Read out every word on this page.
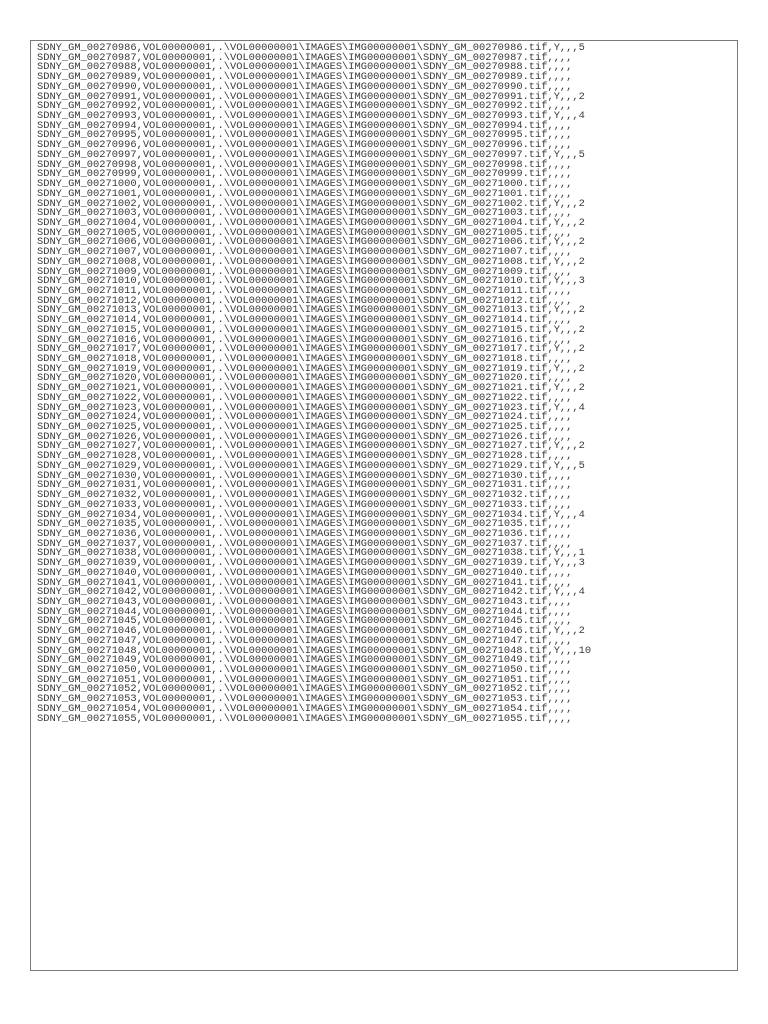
SDNY_GM_00270986,VOL00000001,.\VOL00000001\IMAGES\IMG00000001\SDNY_GM_00270986.tif,Y,,,5
SDNY_GM_00270987,VOL00000001,.\VOL00000001\IMAGES\IMG00000001\SDNY_GM_00270987.tif,,,,
SDNY_GM_00270988,VOL00000001,.\VOL00000001\IMAGES\IMG00000001\SDNY_GM_00270988.tif,,,,
SDNY_GM_00270989,VOL00000001,.\VOL00000001\IMAGES\IMG00000001\SDNY_GM_00270989.tif,,,,
SDNY_GM_00270990,VOL00000001,.\VOL00000001\IMAGES\IMG00000001\SDNY_GM_00270990.tif,,,,
SDNY_GM_00270991,VOL00000001,.\VOL00000001\IMAGES\IMG00000001\SDNY_GM_00270991.tif,Y,,,2
SDNY_GM_00270992,VOL00000001,.\VOL00000001\IMAGES\IMG00000001\SDNY_GM_00270992.tif,,,,
SDNY_GM_00270993,VOL00000001,.\VOL00000001\IMAGES\IMG00000001\SDNY_GM_00270993.tif,Y,,,4
SDNY_GM_00270994,VOL00000001,.\VOL00000001\IMAGES\IMG00000001\SDNY_GM_00270994.tif,,,,
SDNY_GM_00270995,VOL00000001,.\VOL00000001\IMAGES\IMG00000001\SDNY_GM_00270995.tif,,,,
SDNY_GM_00270996,VOL00000001,.\VOL00000001\IMAGES\IMG00000001\SDNY_GM_00270996.tif,,,,
SDNY_GM_00270997,VOL00000001,.\VOL00000001\IMAGES\IMG00000001\SDNY_GM_00270997.tif,Y,,,5
SDNY_GM_00270998,VOL00000001,.\VOL00000001\IMAGES\IMG00000001\SDNY_GM_00270998.tif,,,,
SDNY_GM_00270999,VOL00000001,.\VOL00000001\IMAGES\IMG00000001\SDNY_GM_00270999.tif,,,,
SDNY_GM_00271000,VOL00000001,.\VOL00000001\IMAGES\IMG00000001\SDNY_GM_00271000.tif,,,,
SDNY_GM_00271001,VOL00000001,.\VOL00000001\IMAGES\IMG00000001\SDNY_GM_00271001.tif,,,,
SDNY_GM_00271002,VOL00000001,.\VOL00000001\IMAGES\IMG00000001\SDNY_GM_00271002.tif,Y,,,2
SDNY_GM_00271003,VOL00000001,.\VOL00000001\IMAGES\IMG00000001\SDNY_GM_00271003.tif,,,,
SDNY_GM_00271004,VOL00000001,.\VOL00000001\IMAGES\IMG00000001\SDNY_GM_00271004.tif,Y,,,2
SDNY_GM_00271005,VOL00000001,.\VOL00000001\IMAGES\IMG00000001\SDNY_GM_00271005.tif,,,,
SDNY_GM_00271006,VOL00000001,.\VOL00000001\IMAGES\IMG00000001\SDNY_GM_00271006.tif,Y,,,2
SDNY_GM_00271007,VOL00000001,.\VOL00000001\IMAGES\IMG00000001\SDNY_GM_00271007.tif,,,,
SDNY_GM_00271008,VOL00000001,.\VOL00000001\IMAGES\IMG00000001\SDNY_GM_00271008.tif,Y,,,2
SDNY_GM_00271009,VOL00000001,.\VOL00000001\IMAGES\IMG00000001\SDNY_GM_00271009.tif,,,,
SDNY_GM_00271010,VOL00000001,.\VOL00000001\IMAGES\IMG00000001\SDNY_GM_00271010.tif,Y,,,3
SDNY_GM_00271011,VOL00000001,.\VOL00000001\IMAGES\IMG00000001\SDNY_GM_00271011.tif,,,,
SDNY_GM_00271012,VOL00000001,.\VOL00000001\IMAGES\IMG00000001\SDNY_GM_00271012.tif,,,,
SDNY_GM_00271013,VOL00000001,.\VOL00000001\IMAGES\IMG00000001\SDNY_GM_00271013.tif,Y,,,2
SDNY_GM_00271014,VOL00000001,.\VOL00000001\IMAGES\IMG00000001\SDNY_GM_00271014.tif,,,,
SDNY_GM_00271015,VOL00000001,.\VOL00000001\IMAGES\IMG00000001\SDNY_GM_00271015.tif,Y,,,2
SDNY_GM_00271016,VOL00000001,.\VOL00000001\IMAGES\IMG00000001\SDNY_GM_00271016.tif,,,,
SDNY_GM_00271017,VOL00000001,.\VOL00000001\IMAGES\IMG00000001\SDNY_GM_00271017.tif,Y,,,2
SDNY_GM_00271018,VOL00000001,.\VOL00000001\IMAGES\IMG00000001\SDNY_GM_00271018.tif,,,,
SDNY_GM_00271019,VOL00000001,.\VOL00000001\IMAGES\IMG00000001\SDNY_GM_00271019.tif,Y,,,2
SDNY_GM_00271020,VOL00000001,.\VOL00000001\IMAGES\IMG00000001\SDNY_GM_00271020.tif,,,,
SDNY_GM_00271021,VOL00000001,.\VOL00000001\IMAGES\IMG00000001\SDNY_GM_00271021.tif,Y,,,2
SDNY_GM_00271022,VOL00000001,.\VOL00000001\IMAGES\IMG00000001\SDNY_GM_00271022.tif,,,,
SDNY_GM_00271023,VOL00000001,.\VOL00000001\IMAGES\IMG00000001\SDNY_GM_00271023.tif,Y,,,4
SDNY_GM_00271024,VOL00000001,.\VOL00000001\IMAGES\IMG00000001\SDNY_GM_00271024.tif,,,,
SDNY_GM_00271025,VOL00000001,.\VOL00000001\IMAGES\IMG00000001\SDNY_GM_00271025.tif,,,,
SDNY_GM_00271026,VOL00000001,.\VOL00000001\IMAGES\IMG00000001\SDNY_GM_00271026.tif,,,,
SDNY_GM_00271027,VOL00000001,.\VOL00000001\IMAGES\IMG00000001\SDNY_GM_00271027.tif,Y,,,2
SDNY_GM_00271028,VOL00000001,.\VOL00000001\IMAGES\IMG00000001\SDNY_GM_00271028.tif,,,,
SDNY_GM_00271029,VOL00000001,.\VOL00000001\IMAGES\IMG00000001\SDNY_GM_00271029.tif,Y,,,5
SDNY_GM_00271030,VOL00000001,.\VOL00000001\IMAGES\IMG00000001\SDNY_GM_00271030.tif,,,,
SDNY_GM_00271031,VOL00000001,.\VOL00000001\IMAGES\IMG00000001\SDNY_GM_00271031.tif,,,,
SDNY_GM_00271032,VOL00000001,.\VOL00000001\IMAGES\IMG00000001\SDNY_GM_00271032.tif,,,,
SDNY_GM_00271033,VOL00000001,.\VOL00000001\IMAGES\IMG00000001\SDNY_GM_00271033.tif,,,,
SDNY_GM_00271034,VOL00000001,.\VOL00000001\IMAGES\IMG00000001\SDNY_GM_00271034.tif,Y,,,4
SDNY_GM_00271035,VOL00000001,.\VOL00000001\IMAGES\IMG00000001\SDNY_GM_00271035.tif,,,,
SDNY_GM_00271036,VOL00000001,.\VOL00000001\IMAGES\IMG00000001\SDNY_GM_00271036.tif,,,,
SDNY_GM_00271037,VOL00000001,.\VOL00000001\IMAGES\IMG00000001\SDNY_GM_00271037.tif,,,,
SDNY_GM_00271038,VOL00000001,.\VOL00000001\IMAGES\IMG00000001\SDNY_GM_00271038.tif,Y,,,1
SDNY_GM_00271039,VOL00000001,.\VOL00000001\IMAGES\IMG00000001\SDNY_GM_00271039.tif,Y,,,3
SDNY_GM_00271040,VOL00000001,.\VOL00000001\IMAGES\IMG00000001\SDNY_GM_00271040.tif,,,,
SDNY_GM_00271041,VOL00000001,.\VOL00000001\IMAGES\IMG00000001\SDNY_GM_00271041.tif,,,,
SDNY_GM_00271042,VOL00000001,.\VOL00000001\IMAGES\IMG00000001\SDNY_GM_00271042.tif,Y,,,4
SDNY_GM_00271043,VOL00000001,.\VOL00000001\IMAGES\IMG00000001\SDNY_GM_00271043.tif,,,,
SDNY_GM_00271044,VOL00000001,.\VOL00000001\IMAGES\IMG00000001\SDNY_GM_00271044.tif,,,,
SDNY_GM_00271045,VOL00000001,.\VOL00000001\IMAGES\IMG00000001\SDNY_GM_00271045.tif,,,,
SDNY_GM_00271046,VOL00000001,.\VOL00000001\IMAGES\IMG00000001\SDNY_GM_00271046.tif,Y,,,2
SDNY_GM_00271047,VOL00000001,.\VOL00000001\IMAGES\IMG00000001\SDNY_GM_00271047.tif,,,,
SDNY_GM_00271048,VOL00000001,.\VOL00000001\IMAGES\IMG00000001\SDNY_GM_00271048.tif,Y,,,10
SDNY_GM_00271049,VOL00000001,.\VOL00000001\IMAGES\IMG00000001\SDNY_GM_00271049.tif,,,,
SDNY_GM_00271050,VOL00000001,.\VOL00000001\IMAGES\IMG00000001\SDNY_GM_00271050.tif,,,,
SDNY_GM_00271051,VOL00000001,.\VOL00000001\IMAGES\IMG00000001\SDNY_GM_00271051.tif,,,,
SDNY_GM_00271052,VOL00000001,.\VOL00000001\IMAGES\IMG00000001\SDNY_GM_00271052.tif,,,,
SDNY_GM_00271053,VOL00000001,.\VOL00000001\IMAGES\IMG00000001\SDNY_GM_00271053.tif,,,,
SDNY_GM_00271054,VOL00000001,.\VOL00000001\IMAGES\IMG00000001\SDNY_GM_00271054.tif,,,,
SDNY_GM_00271055,VOL00000001,.\VOL00000001\IMAGES\IMG00000001\SDNY_GM_00271055.tif,,,,
